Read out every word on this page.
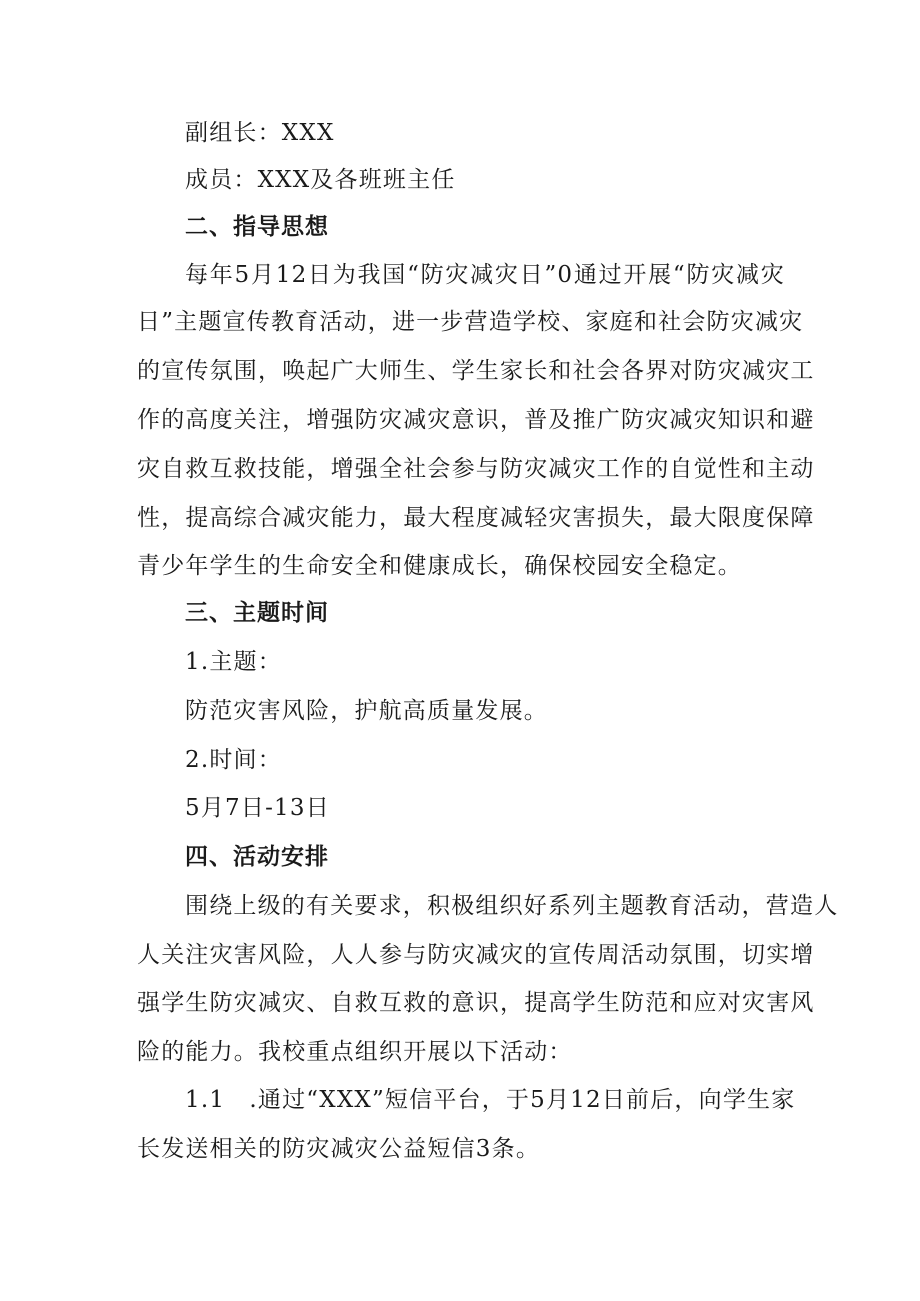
副组长：XXX
成员：XXX及各班班主任
二、指导思想
每年5月12日为我国“防灾减灾日”0通过开展“防灾减灾
日”主题宣传教育活动，进一步营造学校、家庭和社会防灾减灾
的宣传氛围，唤起广大师生、学生家长和社会各界对防灾减灾工
作的高度关注，增强防灾减灾意识，普及推广防灾减灾知识和避
灾自救互救技能，增强全社会参与防灾减灾工作的自觉性和主动
性，提高综合减灾能力，最大程度减轻灾害损失，最大限度保障
青少年学生的生命安全和健康成长，确保校园安全稳定。
三、主题时间
1.主题：
防范灾害风险，护航高质量发展。
2.时间：
5月7日-13日
四、活动安排
围绕上级的有关要求，积极组织好系列主题教育活动，营造人
人关注灾害风险，人人参与防灾减灾的宣传周活动氛围，切实增
强学生防灾减灾、自救互救的意识，提高学生防范和应对灾害风
险的能力。我校重点组织开展以下活动：
1.1　.通过“XXX”短信平台，于5月12日前后，向学生家
长发送相关的防灾减灾公益短信3条。
